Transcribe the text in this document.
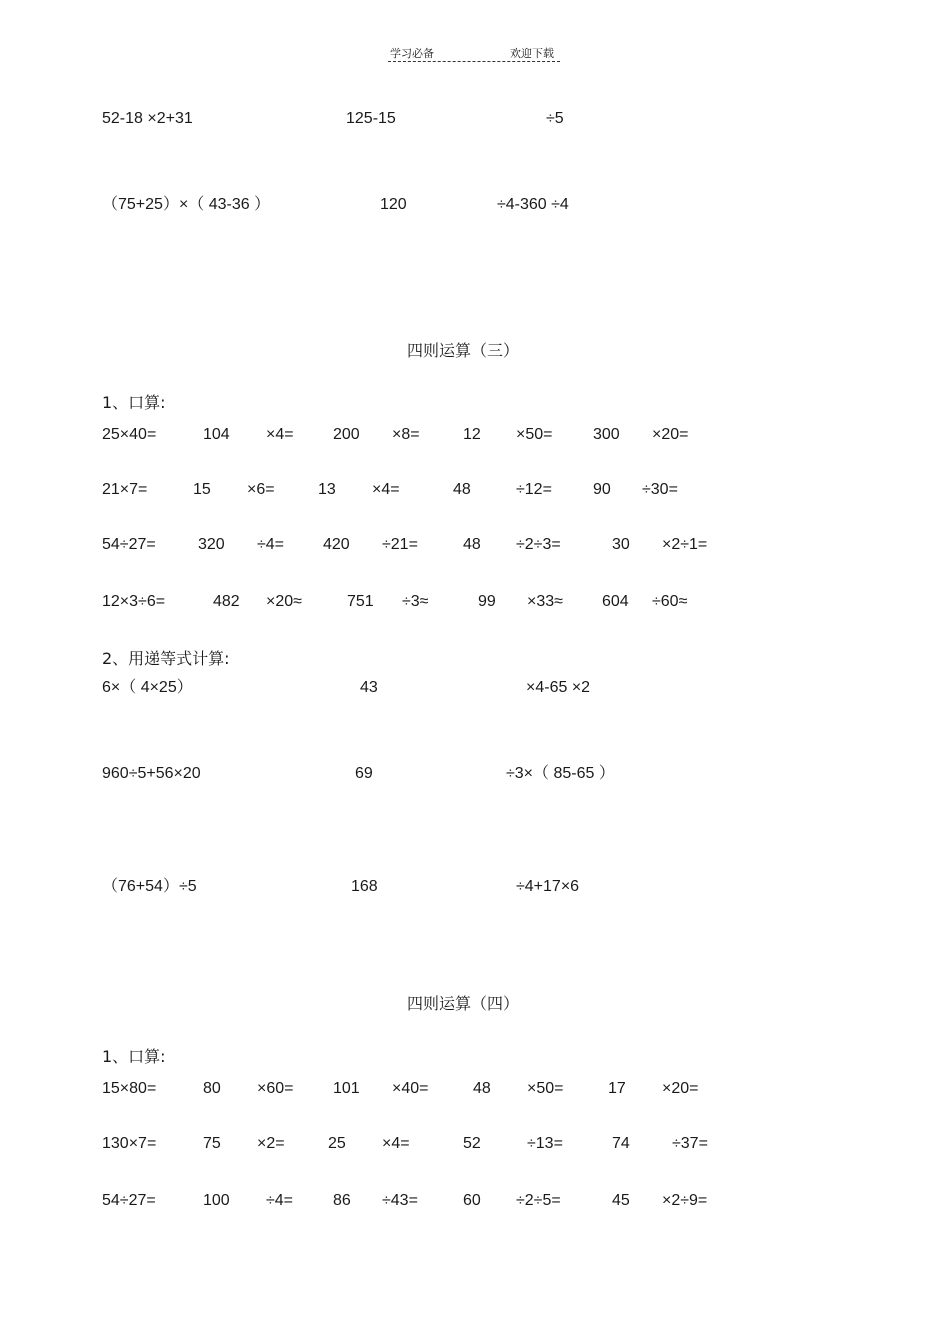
学习必备	欢迎下载
52-18 ×2+31	125-15	÷5
（75+25）×（ 43-36 ）	120	÷4-360 ÷4
四则运算（三）
1、口算:
25×40=	104 ×4= 200 ×8=	12 ×50=	300 ×20=
21×7=	15 ×6=	13 ×4=	48	÷12=	90 ÷30=
54÷27=	320 ÷4= 420 ÷21=	48 ÷2÷3=	30 ×2÷1=
12×3÷6=	482 ×20≈	751 ÷3≈	99 ×33≈ 604 ÷60≈
2、用递等式计算:
6×（ 4×25）	43	×4-65 ×2
960÷5+56×20	69	÷3×（ 85-65 ）
（76+54）÷5	168	÷4+17×6
四则运算（四）
1、口算:
15×80=	80 ×60= 101 ×40=	48 ×50=	17 ×20=
130×7=	75 ×2=	25 ×4=	52	÷13=	74	÷37=
54÷27=	100 ÷4= 86 ÷43=	60 ÷2÷5=	45 ×2÷9=
